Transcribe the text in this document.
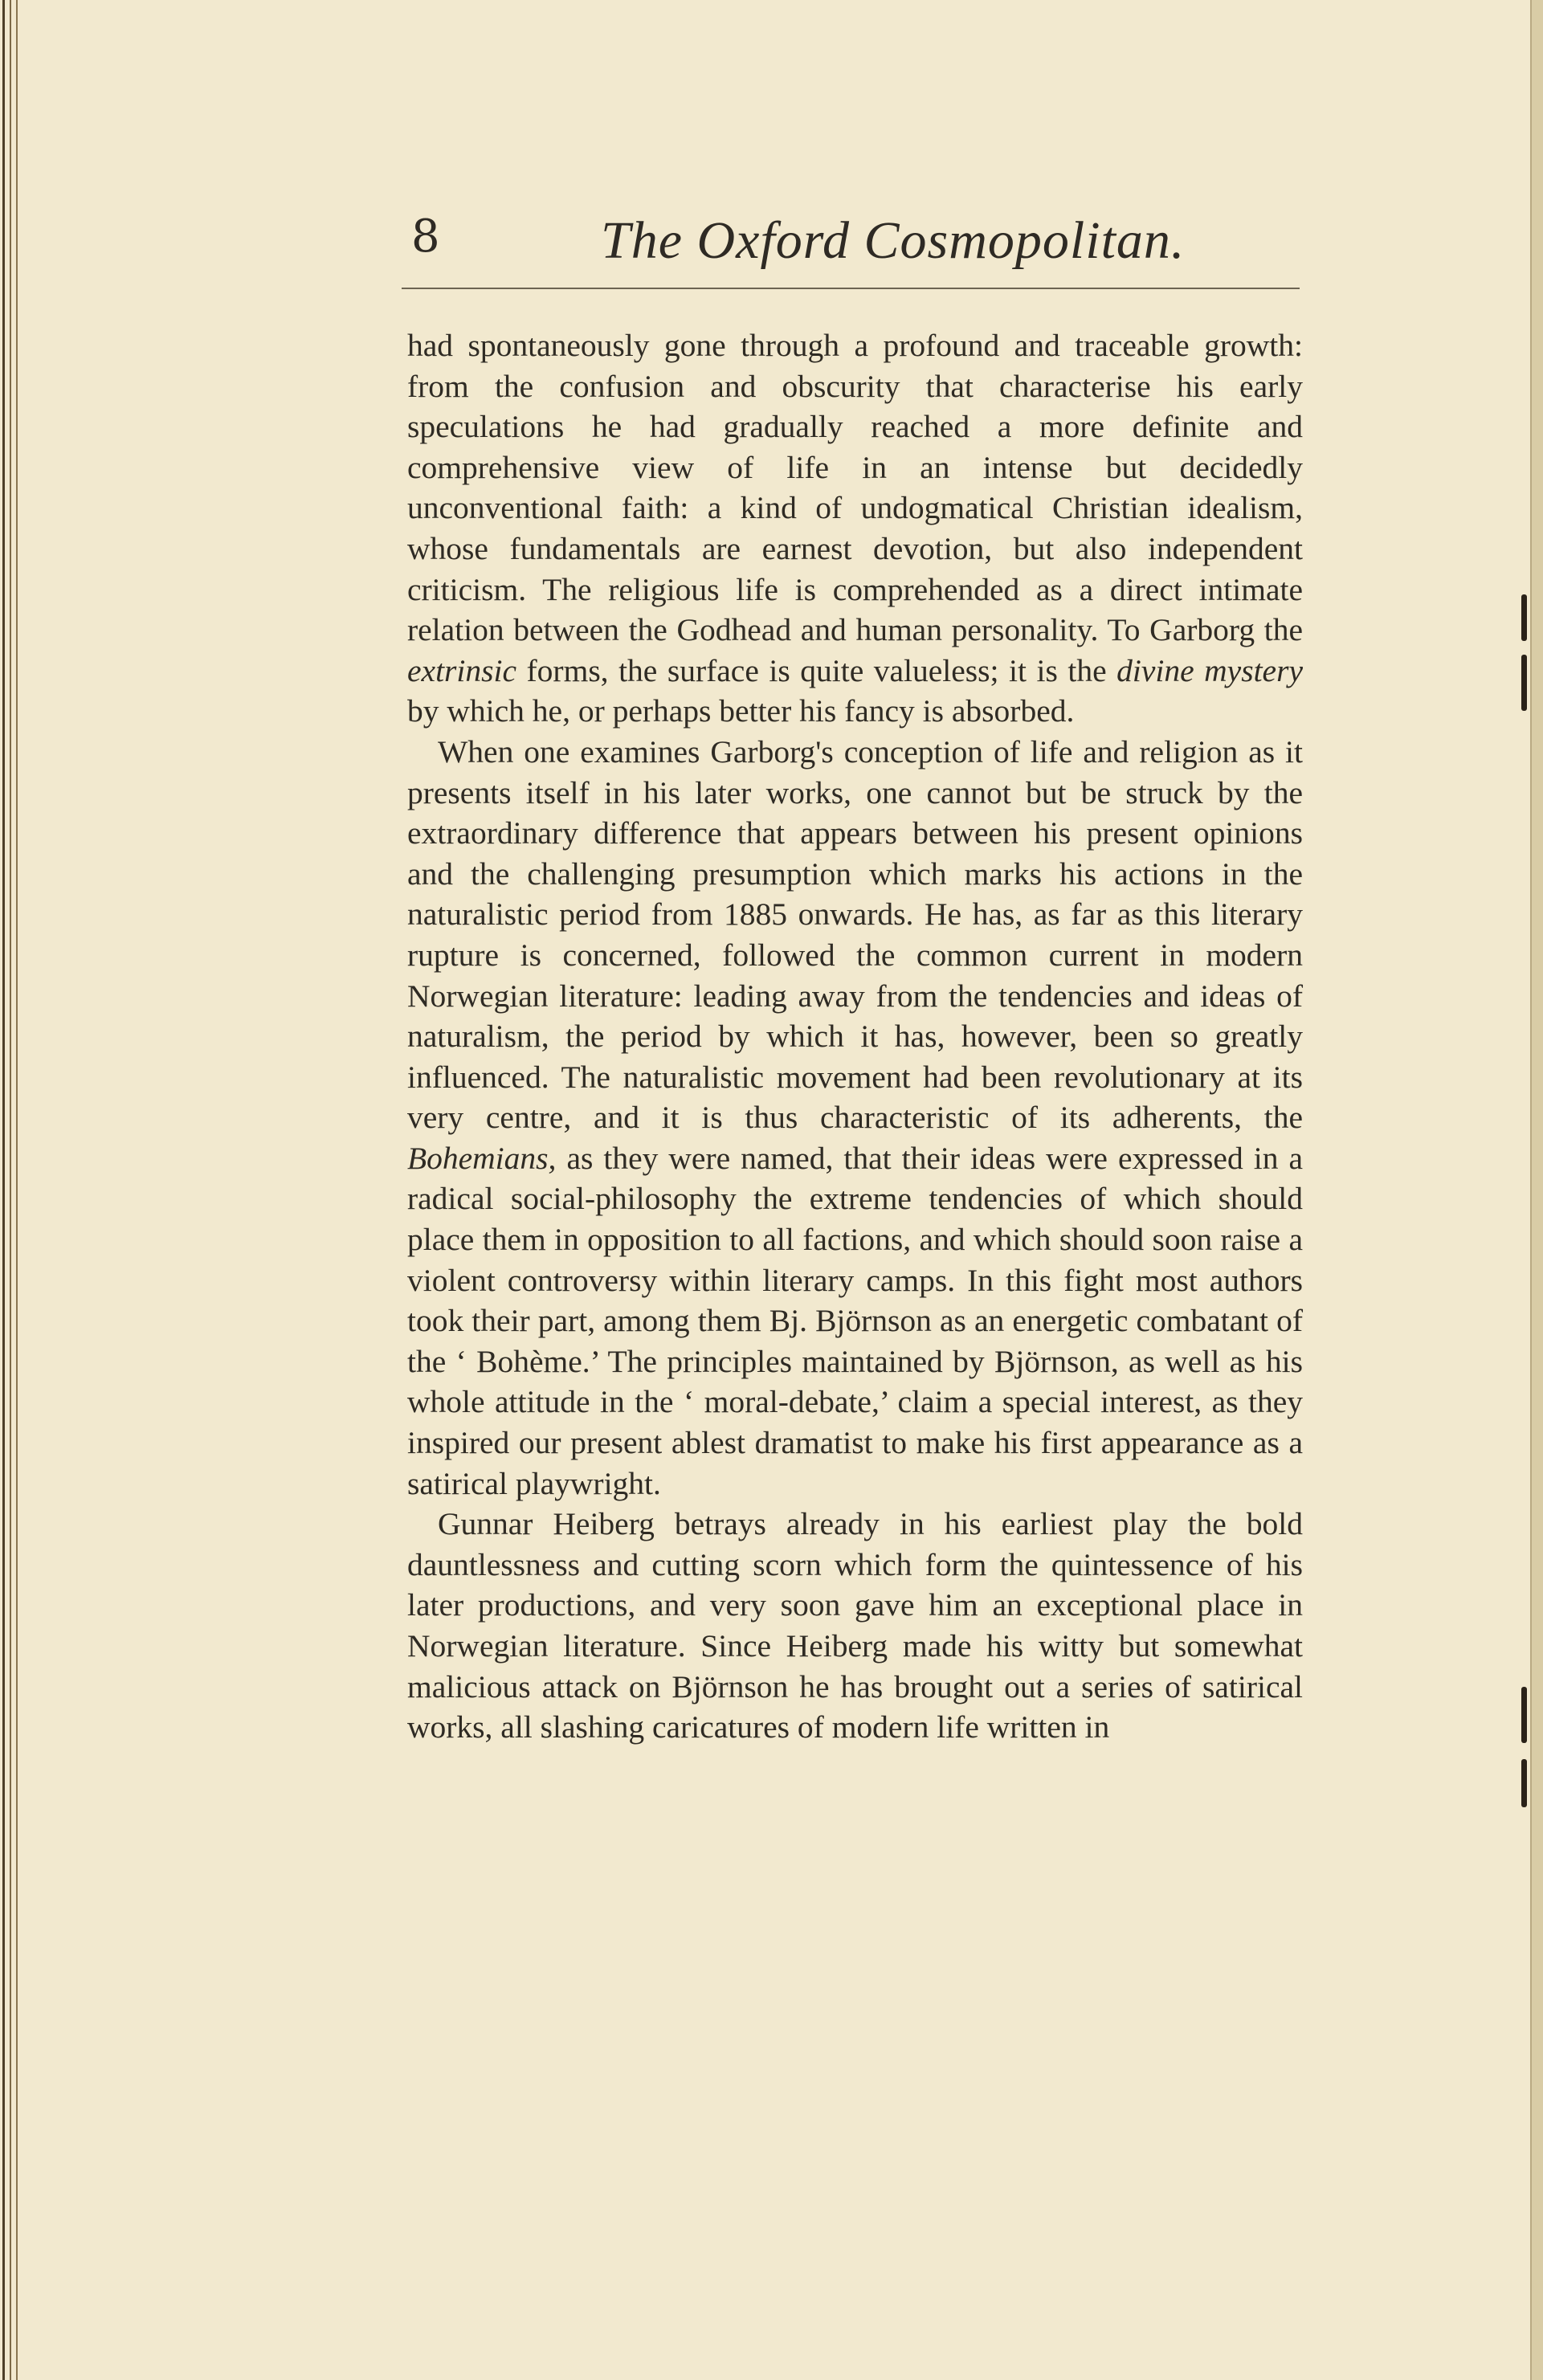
8	The Oxford Cosmopolitan.

had spontaneously gone through a profound and traceable growth: from the confusion and obscurity that characterise his early speculations he had gradually reached a more definite and comprehensive view of life in an intense but decidedly unconventional faith: a kind of undogmatical Christian idealism, whose fundamentals are earnest devotion, but also independent criticism. The religious life is comprehended as a direct intimate relation between the Godhead and human personality. To Garborg the extrinsic forms, the surface is quite valueless; it is the divine mystery by which he, or perhaps better his fancy is absorbed.

When one examines Garborg's conception of life and religion as it presents itself in his later works, one cannot but be struck by the extraordinary difference that appears between his present opinions and the challenging presumption which marks his actions in the naturalistic period from 1885 onwards. He has, as far as this literary rupture is concerned, followed the common current in modern Norwegian literature: leading away from the tendencies and ideas of naturalism, the period by which it has, however, been so greatly influenced. The naturalistic movement had been revolutionary at its very centre, and it is thus characteristic of its adherents, the Bohemians, as they were named, that their ideas were expressed in a radical social-philosophy the extreme tendencies of which should place them in opposition to all factions, and which should soon raise a violent controversy within literary camps. In this fight most authors took their part, among them Bj. Björnson as an energetic combatant of the ‘ Bohème.’ The principles maintained by Björnson, as well as his whole attitude in the ‘ moral-debate,’ claim a special interest, as they inspired our present ablest dramatist to make his first appearance as a satirical playwright.

Gunnar Heiberg betrays already in his earliest play the bold dauntlessness and cutting scorn which form the quintessence of his later productions, and very soon gave him an exceptional place in Norwegian literature. Since Heiberg made his witty but somewhat malicious attack on Björnson he has brought out a series of satirical works, all slashing caricatures of modern life written in
